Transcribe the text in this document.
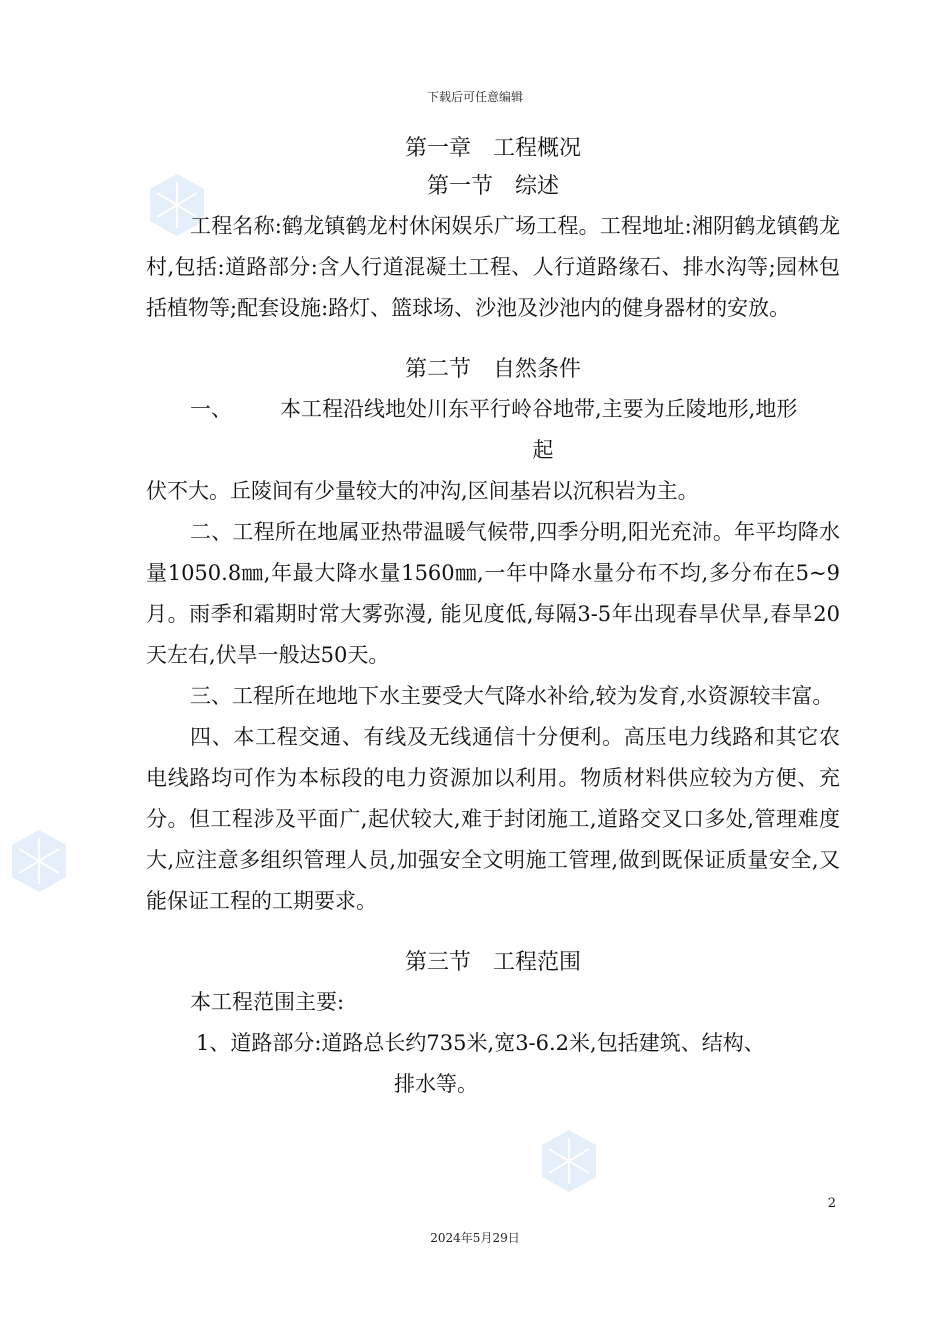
下载后可任意编辑
第一章　工程概况
第一节　综述

工程名称:鹤龙镇鹤龙村休闲娱乐广场工程。工程地址:湘阴鹤龙镇鹤龙村,包括:道路部分:含人行道混凝土工程、人行道路缘石、排水沟等;园林包括植物等;配套设施:路灯、篮球场、沙池及沙池内的健身器材的安放。

第二节　自然条件
一、 本工程沿线地处川东平行岭谷地带,主要为丘陵地形,地形
起
伏不大。丘陵间有少量较大的冲沟,区间基岩以沉积岩为主。

二、工程所在地属亚热带温暖气候带,四季分明,阳光充沛。年平均降水量1050.8㎜,年最大降水量1560㎜,一年中降水量分布不均,多分布在5~9月。雨季和霜期时常大雾弥漫, 能见度低,每隔3-5年出现春旱伏旱,春旱20天左右,伏旱一般达50天。

三、工程所在地地下水主要受大气降水补给,较为发育,水资源较丰富。

四、本工程交通、有线及无线通信十分便利。高压电力线路和其它农电线路均可作为本标段的电力资源加以利用。物质材料供应较为方便、充分。但工程涉及平面广,起伏较大,难于封闭施工,道路交叉口多处,管理难度大,应注意多组织管理人员,加强安全文明施工管理,做到既保证质量安全,又能保证工程的工期要求。

第三节　工程范围

本工程范围主要:

1、道路部分:道路总长约735米,宽3-6.2米,包括建筑、结构、
排水等。
2
2024年5月29日
